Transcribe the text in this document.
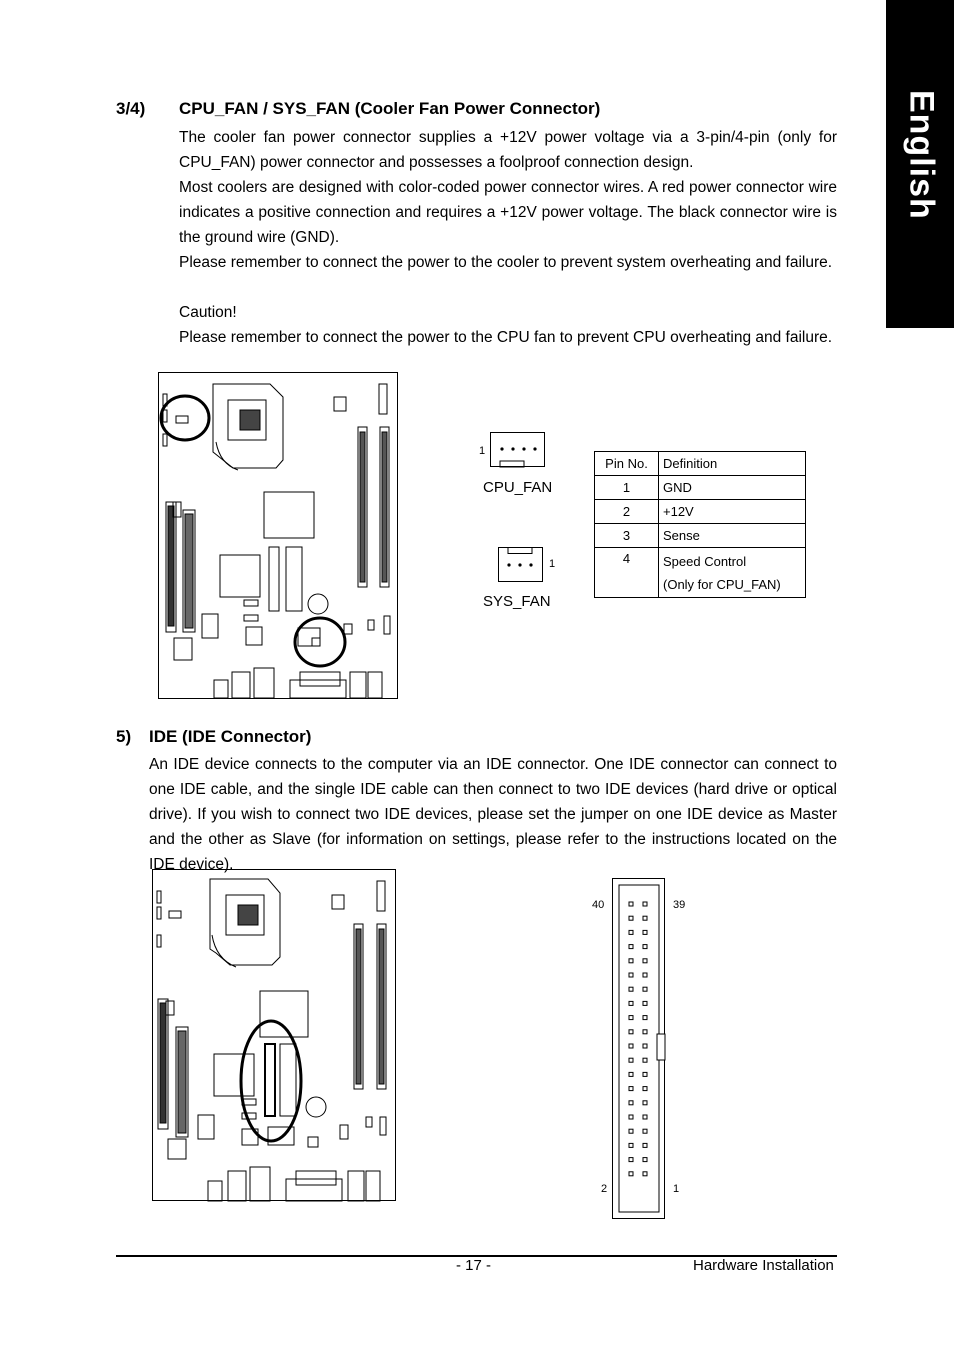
English
3/4) CPU_FAN / SYS_FAN (Cooler Fan Power Connector)

The cooler fan power connector supplies a +12V power voltage via a 3-pin/4-pin (only for CPU_FAN) power connector and possesses a foolproof connection design.

Most coolers are designed with color-coded power connector wires. A red power connector wire indicates a positive connection and requires a +12V power voltage. The black connector wire is the ground wire (GND).

Please remember to connect the power to the cooler to prevent system overheating and failure.

Caution!

Please remember to connect the power to the CPU fan to prevent CPU overheating and failure.

1
CPU_FAN
1
SYS_FAN
Pin No.	Definition
1	GND
2	+12V
3	Sense
4	Speed Control
(Only for CPU_FAN)
5) IDE (IDE Connector)

An IDE device connects to the computer via an IDE connector. One IDE connector can connect to one IDE cable, and the single IDE cable can then connect to two IDE devices (hard drive or optical drive). If you wish to connect two IDE devices, please set the jumper on one IDE device as Master and the other as Slave (for information on settings, please refer to the instructions located on the IDE device).

40	39
2	1
- 17 -	Hardware Installation
